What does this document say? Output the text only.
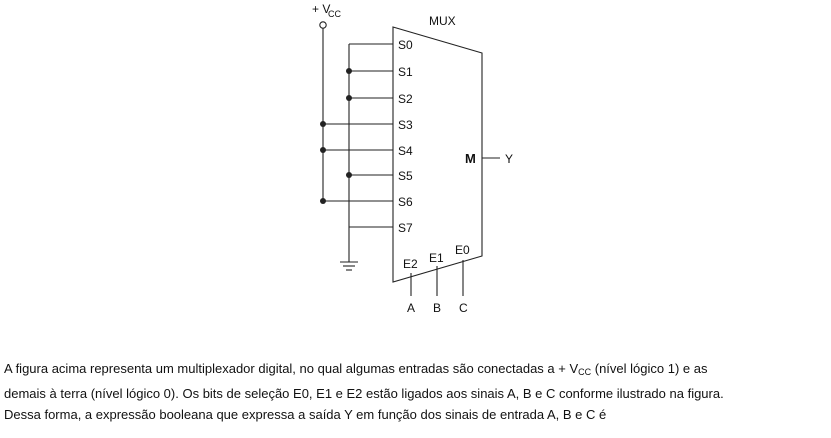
+ V
CC	MUX
S0
S1
S2
S3
S4
S5
S6
S7
M Y
E2 E1
E0
A B C

A figura acima representa um multiplexador digital, no qual algumas entradas são conectadas $a + V_{CC}$ (nível lógico 1) e as

demais à terra (nível lógico 0). Os bits de seleção E0, E1 e E2 estão ligados aos sinais A, B e C conforme ilustrado na figura.

Dessa forma, a expressão booleana que expressa a saída Y em função dos sinais de entrada A, B e C é
